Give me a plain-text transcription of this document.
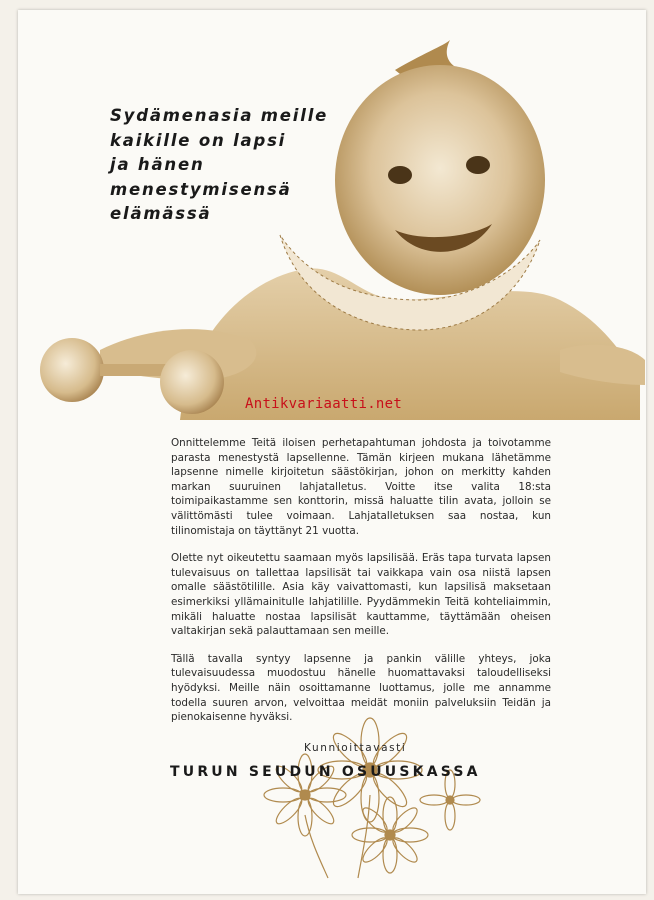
Sydämenasia meille
kaikille on lapsi
ja hänen
menestymisensä
elämässä
Antikvariaatti.net

Onnittelemme Teitä iloisen perhetapahtuman johdosta ja toivotamme parasta menestystä lapsellenne. Tämän kirjeen mukana lähetämme lapsenne nimelle kirjoitetun säästökirjan, johon on merkitty kahden markan suuruinen lahjatalletus. Voitte itse valita 18:sta toimipaikastamme sen konttorin, missä haluatte tilin avata, jolloin se välittömästi tulee voimaan. Lahjatalletuksen saa nostaa, kun tilinomistaja on täyttänyt 21 vuotta.

Olette nyt oikeutettu saamaan myös lapsilisää. Eräs tapa turvata lapsen tulevaisuus on tallettaa lapsilisät tai vaikkapa vain osa niistä lapsen omalle säästötilille. Asia käy vaivattomasti, kun lapsilisä maksetaan esimerkiksi yllämainitulle lahjatilille. Pyydämmekin Teitä kohteliaimmin, mikäli haluatte nostaa lapsilisät kauttamme, täyttämään oheisen valtakirjan sekä palauttamaan sen meille.

Tällä tavalla syntyy lapsenne ja pankin välille yhteys, joka tulevaisuudessa muodostuu hänelle huomattavaksi taloudelliseksi hyödyksi. Meille näin osoittamanne luottamus, jolle me annamme todella suuren arvon, velvoittaa meidät moniin palveluksiin Teidän ja pienokaisenne hyväksi.

Kunnioittavasti
TURUN SEUDUN OSUUSKASSA
